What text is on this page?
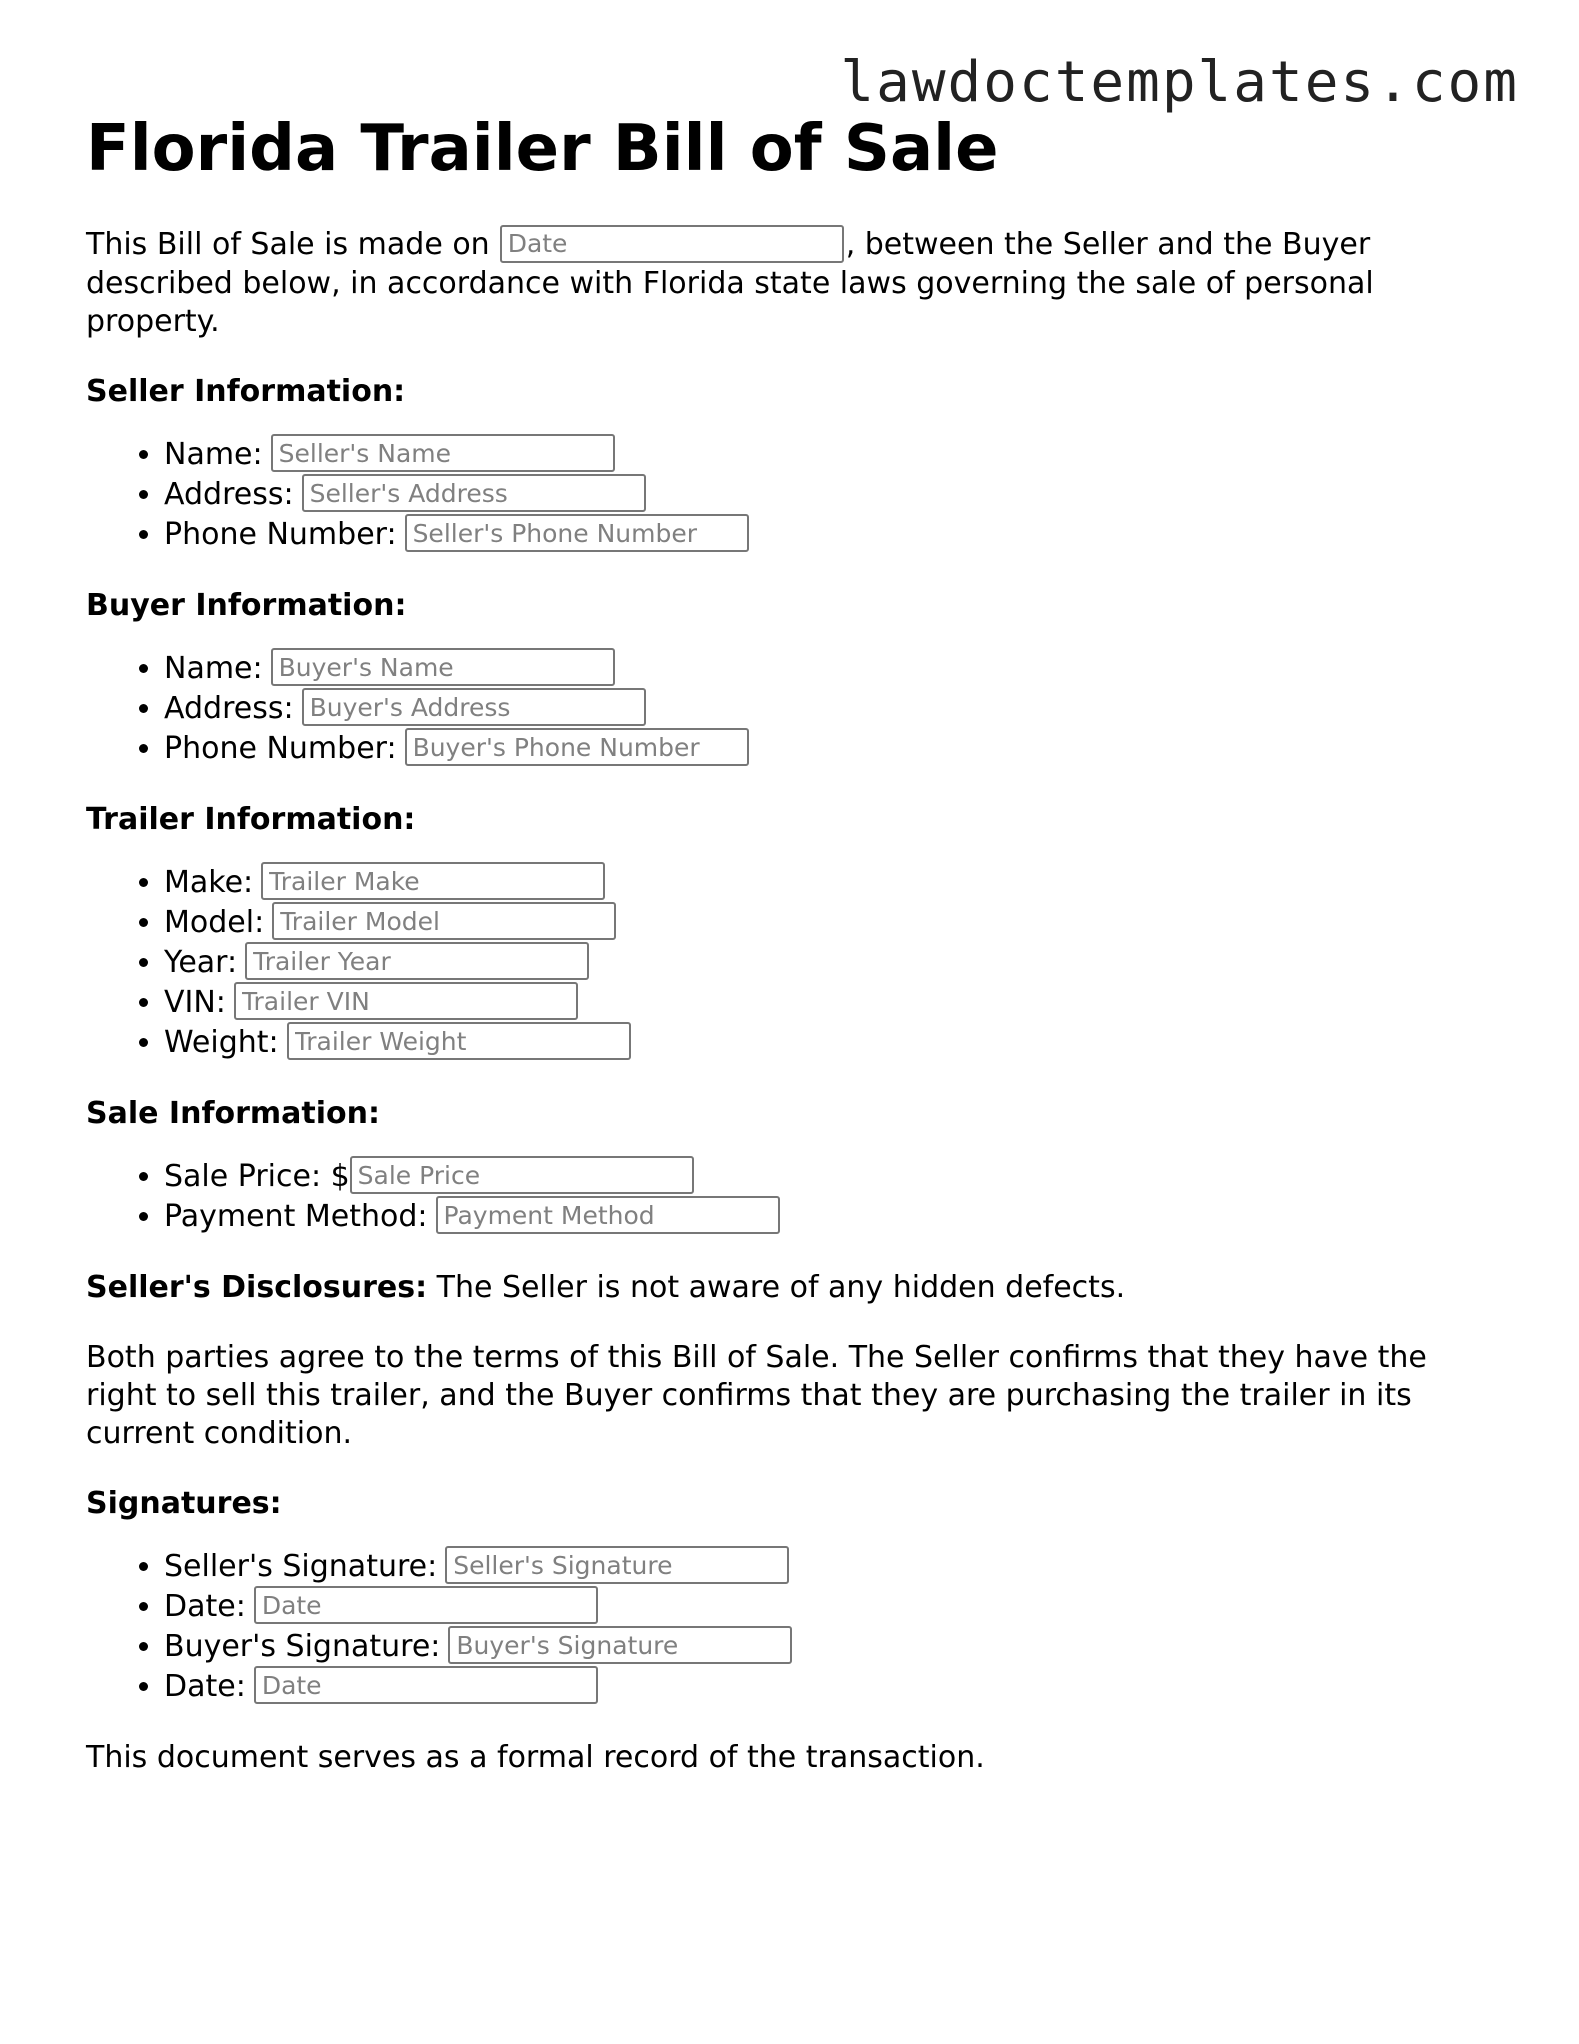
lawdoctemplates.com
Florida Trailer Bill of Sale

This Bill of Sale is made onDate	, between the Seller and the Buyer described below, in accordance with Florida state laws governing the sale of personal property.

Seller Information:
• Name:Seller's Name
• Address:Seller's Address
• Phone Number:Seller's Phone Number
Buyer Information:
• Name:Buyer's Name
• Address:Buyer's Address
• Phone Number:Buyer's Phone Number
Trailer Information:
• Make:Trailer Make
• Model:Trailer Model
• Year:Trailer Year
• VIN:Trailer VIN
• Weight:Trailer Weight
Sale Information:
• Sale Price: $Sale Price
• Payment Method:Payment Method

Seller's Disclosures: The Seller is not aware of any hidden defects.

Both parties agree to the terms of this Bill of Sale. The Seller confirms that they have the right to sell this trailer, and the Buyer confirms that they are purchasing the trailer in its current condition.

Signatures:
• Seller's Signature:Seller's Signature
• Date:Date
• Buyer's Signature:Buyer's Signature
• Date:Date

This document serves as a formal record of the transaction.
